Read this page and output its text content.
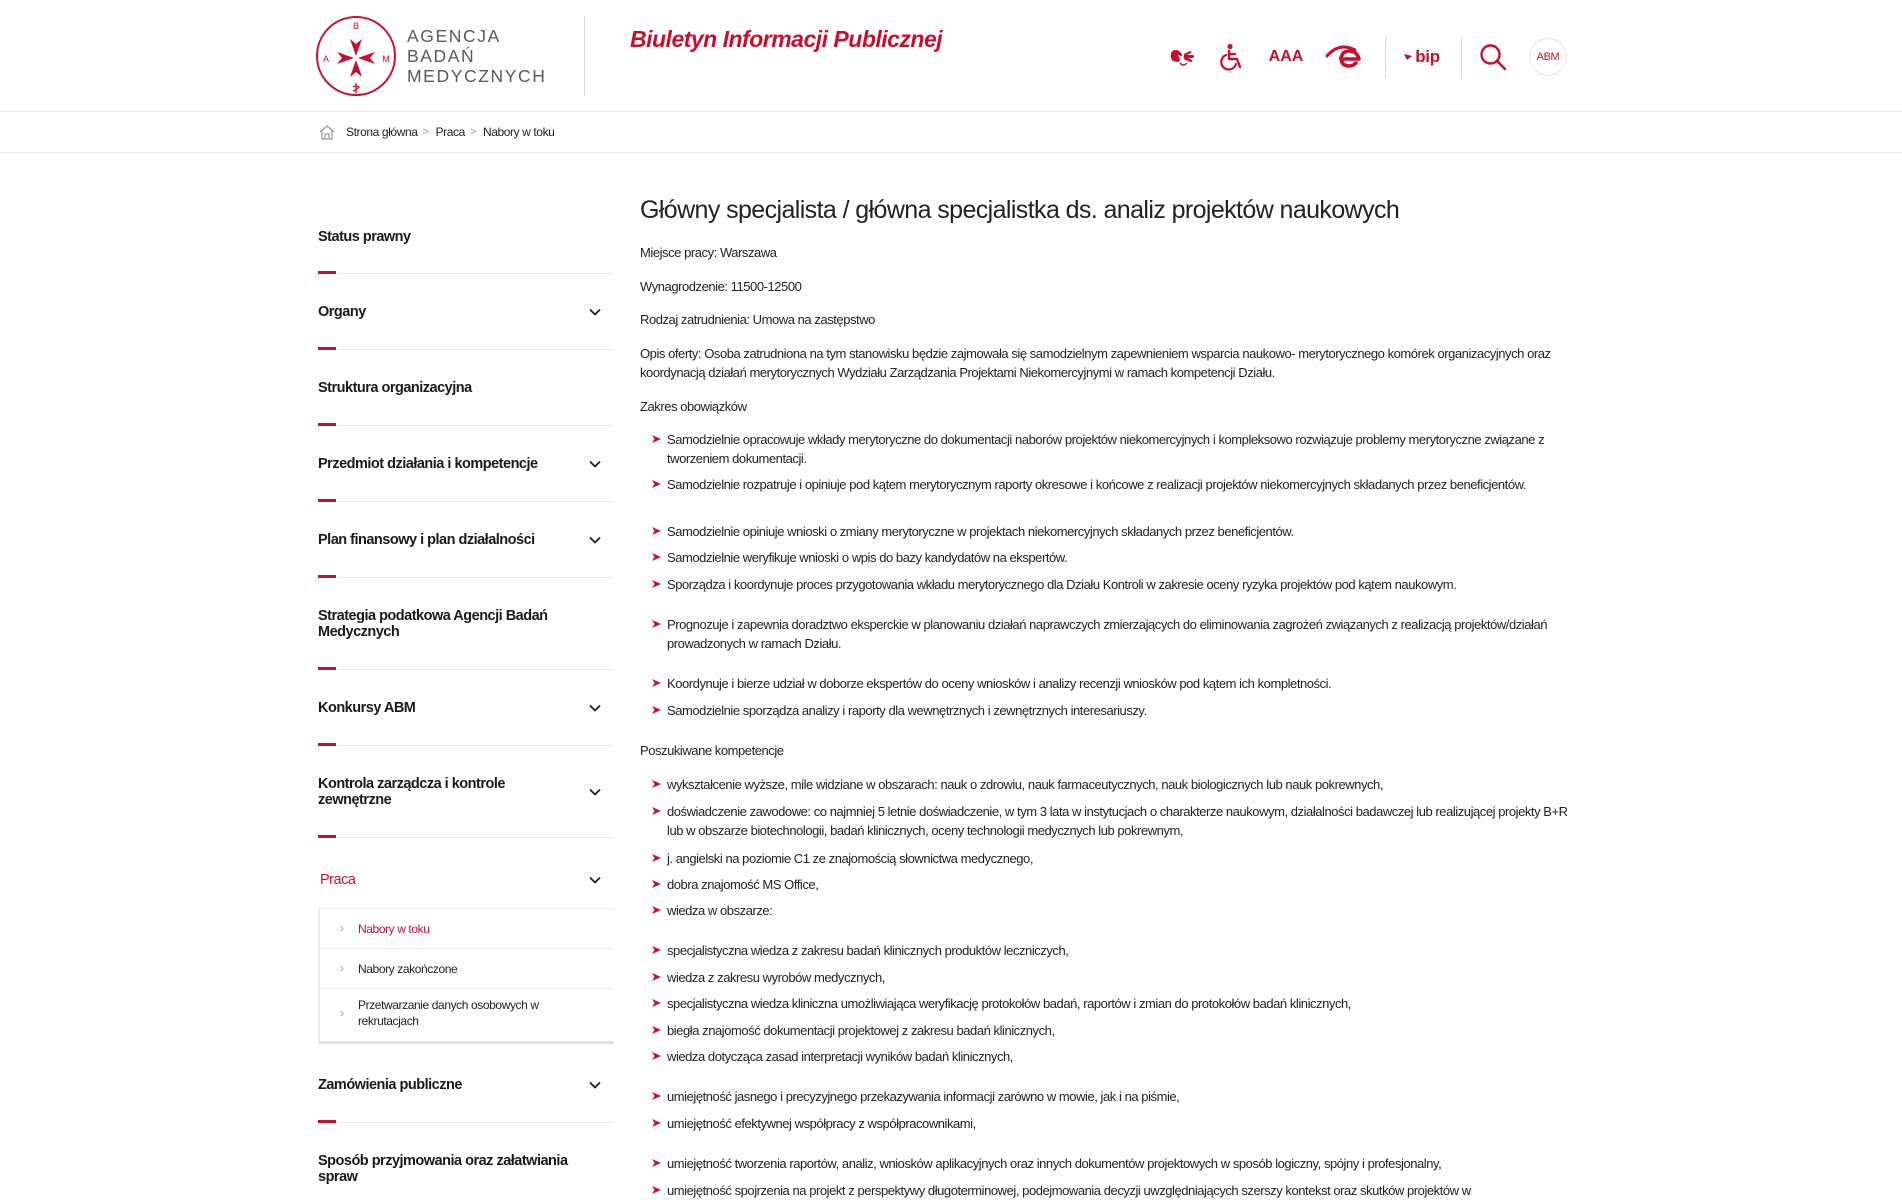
B
A	M
AGENCJA
BADAŃ
MEDYCZNYCH
Biuletyn Informacji Publicznej
AAA	bip	ABM
Strona główna > Praca > Nabory w toku
Status prawny
Organy
Struktura organizacyjna
Przedmiot działania i kompetencje
Plan finansowy i plan działalności
Strategia podatkowa Agencji Badań Medycznych
Konkursy ABM
Kontrola zarządcza i kontrole zewnętrzne
Praca
› Nabory w toku
› Nabory zakończone
›
Przetwarzanie danych osobowych w rekrutacjach
Zamówienia publiczne
Sposób przyjmowania oraz załatwiania spraw
Główny specjalista / główna specjalistka ds. analiz projektów naukowych
Miejsce pracy: Warszawa
Wynagrodzenie: 11500-12500
Rodzaj zatrudnienia: Umowa na zastępstwo
Opis oferty: Osoba zatrudniona na tym stanowisku będzie zajmowała się samodzielnym zapewnieniem wsparcia naukowo- merytorycznego komórek organizacyjnych oraz koordynacją działań merytorycznych Wydziału Zarządzania Projektami Niekomercyjnymi w ramach kompetencji Działu.
Zakres obowiązków
Samodzielnie opracowuje wkłady merytoryczne do dokumentacji naborów projektów niekomercyjnych i kompleksowo rozwiązuje problemy merytoryczne związane z tworzeniem dokumentacji.
Samodzielnie rozpatruje i opiniuje pod kątem merytorycznym raporty okresowe i końcowe z realizacji projektów niekomercyjnych składanych przez beneficjentów.
Samodzielnie opiniuje wnioski o zmiany merytoryczne w projektach niekomercyjnych składanych przez beneficjentów.
Samodzielnie weryfikuje wnioski o wpis do bazy kandydatów na ekspertów.
Sporządza i koordynuje proces przygotowania wkładu merytorycznego dla Działu Kontroli w zakresie oceny ryzyka projektów pod kątem naukowym.
Prognozuje i zapewnia doradztwo eksperckie w planowaniu działań naprawczych zmierzających do eliminowania zagrożeń związanych z realizacją projektów/działań prowadzonych w ramach Działu.
Koordynuje i bierze udział w doborze ekspertów do oceny wniosków i analizy recenzji wniosków pod kątem ich kompletności.
Samodzielnie sporządza analizy i raporty dla wewnętrznych i zewnętrznych interesariuszy.
Poszukiwane kompetencje
wykształcenie wyższe, mile widziane w obszarach: nauk o zdrowiu, nauk farmaceutycznych, nauk biologicznych lub nauk pokrewnych,
doświadczenie zawodowe: co najmniej 5 letnie doświadczenie, w tym 3 lata w instytucjach o charakterze naukowym, działalności badawczej lub realizującej projekty B+R lub w obszarze biotechnologii, badań klinicznych, oceny technologii medycznych lub pokrewnym,
j. angielski na poziomie C1 ze znajomością słownictwa medycznego,
dobra znajomość MS Office,
wiedza w obszarze:
specjalistyczna wiedza z zakresu badań klinicznych produktów leczniczych,
wiedza z zakresu wyrobów medycznych,
specjalistyczna wiedza kliniczna umożliwiająca weryfikację protokołów badań, raportów i zmian do protokołów badań klinicznych,
biegła znajomość dokumentacji projektowej z zakresu badań klinicznych,
wiedza dotycząca zasad interpretacji wyników badań klinicznych,
umiejętność jasnego i precyzyjnego przekazywania informacji zarówno w mowie, jak i na piśmie,
umiejętność efektywnej współpracy z współpracownikami,
umiejętność tworzenia raportów, analiz, wniosków aplikacyjnych oraz innych dokumentów projektowych w sposób logiczny, spójny i profesjonalny,
umiejętność spojrzenia na projekt z perspektywy długoterminowej, podejmowania decyzji uwzględniających szerszy kontekst oraz skutków projektów w
